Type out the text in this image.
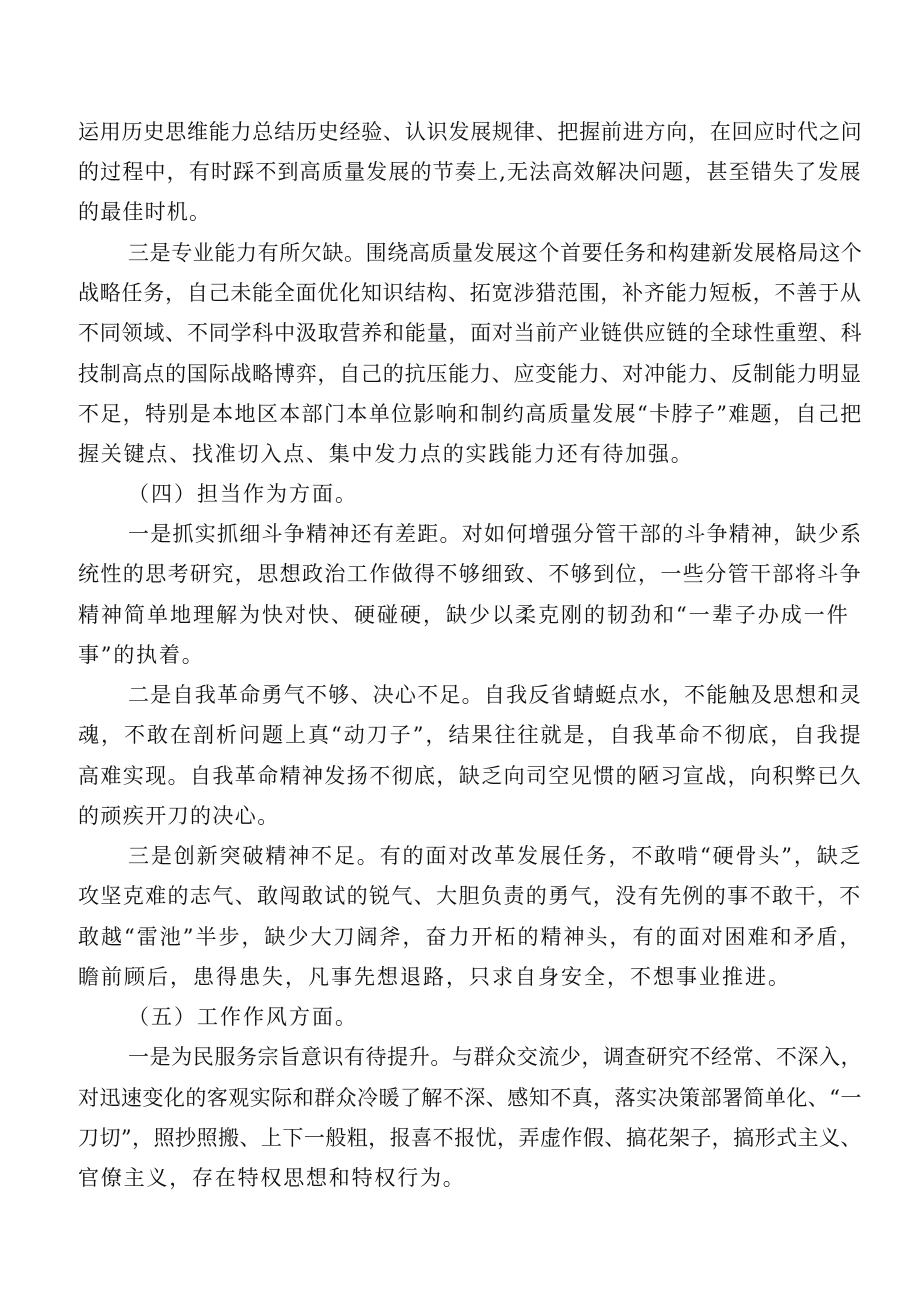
运用历史思维能力总结历史经验、认识发展规律、把握前进方向，在回应时代之问
的过程中，有时踩不到高质量发展的节奏上,无法高效解决问题，甚至错失了发展
的最佳时机。
三是专业能力有所欠缺。围绕高质量发展这个首要任务和构建新发展格局这个
战略任务，自己未能全面优化知识结构、拓宽涉猎范围，补齐能力短板，不善于从
不同领域、不同学科中汲取营养和能量，面对当前产业链供应链的全球性重塑、科
技制高点的国际战略博弈，自己的抗压能力、应变能力、对冲能力、反制能力明显
不足，特别是本地区本部门本单位影响和制约高质量发展“卡脖子”难题，自己把
握关键点、找准切入点、集中发力点的实践能力还有待加强。
（四）担当作为方面。
一是抓实抓细斗争精神还有差距。对如何增强分管干部的斗争精神，缺少系
统性的思考研究，思想政治工作做得不够细致、不够到位，一些分管干部将斗争
精神简单地理解为快对快、硬碰硬，缺少以柔克刚的韧劲和“一辈子办成一件
事”的执着。
二是自我革命勇气不够、决心不足。自我反省蜻蜓点水，不能触及思想和灵
魂，不敢在剖析问题上真“动刀子”，结果往往就是，自我革命不彻底，自我提
高难实现。自我革命精神发扬不彻底，缺乏向司空见惯的陋习宣战，向积弊已久
的顽疾开刀的决心。
三是创新突破精神不足。有的面对改革发展任务，不敢啃“硬骨头”，缺乏
攻坚克难的志气、敢闯敢试的锐气、大胆负责的勇气，没有先例的事不敢干，不
敢越“雷池”半步，缺少大刀阔斧，奋力开柘的精神头，有的面对困难和矛盾，
瞻前顾后，患得患失，凡事先想退路，只求自身安全，不想事业推进。
（五）工作作风方面。
一是为民服务宗旨意识有待提升。与群众交流少，调查研究不经常、不深入，
对迅速变化的客观实际和群众冷暖了解不深、感知不真，落实决策部署简单化、“一
刀切”，照抄照搬、上下一般粗，报喜不报忧，弄虚作假、搞花架子，搞形式主义、
官僚主义，存在特权思想和特权行为。
